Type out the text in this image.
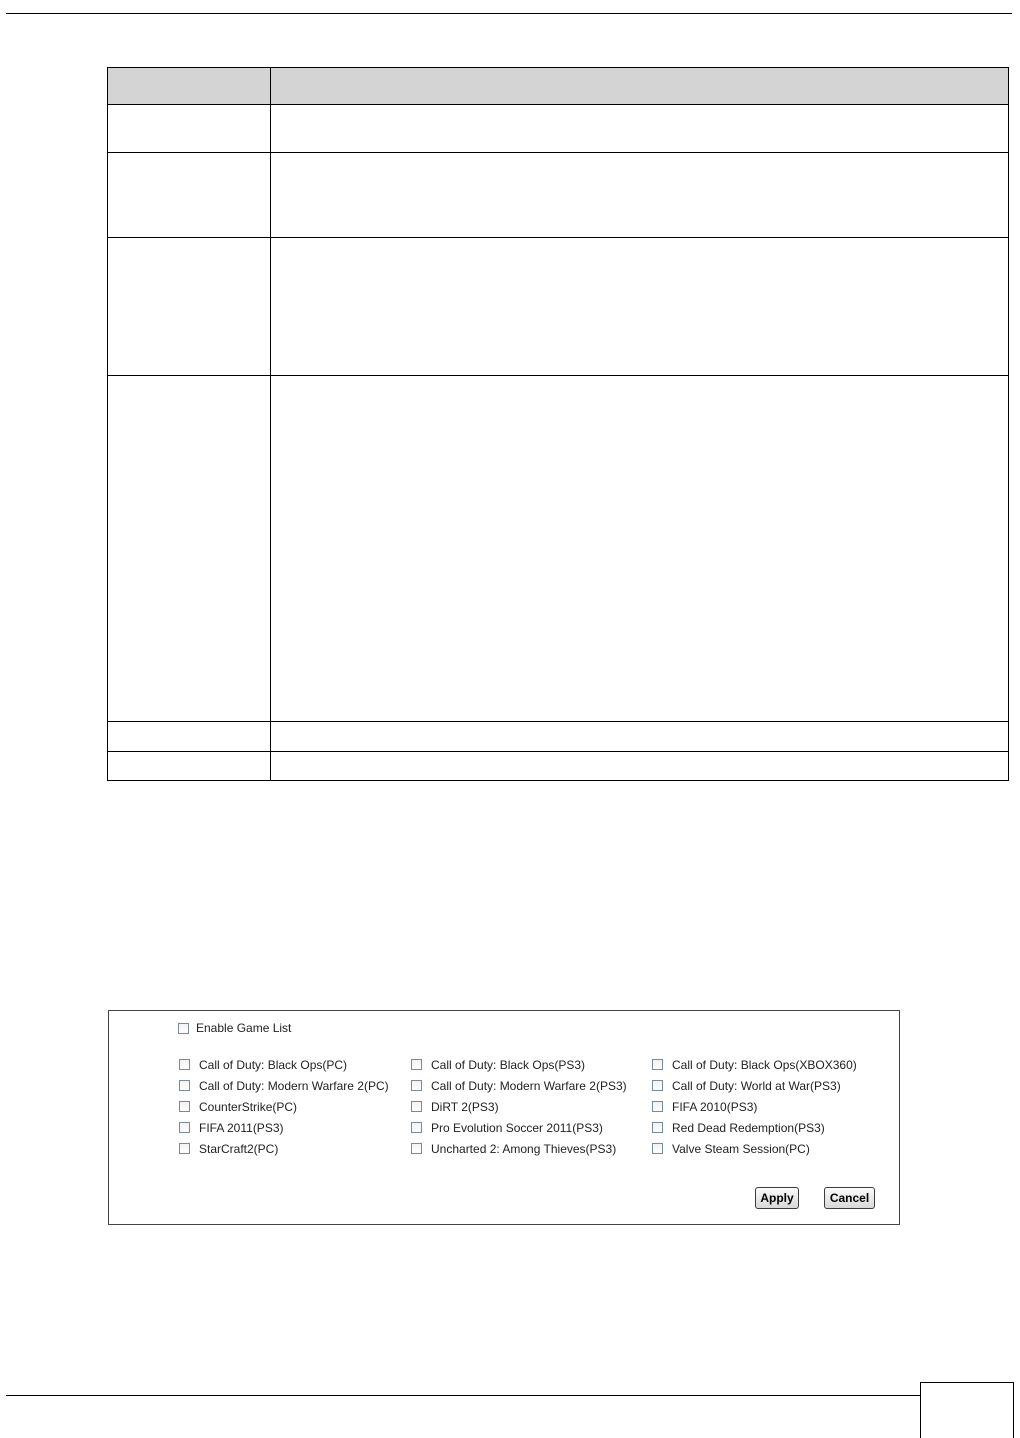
Enable Game List
Call of Duty: Black Ops(PC)
Call of Duty: Modern Warfare 2(PC)
CounterStrike(PC)
FIFA 2011(PS3)
StarCraft2(PC)
Call of Duty: Black Ops(PS3)
Call of Duty: Modern Warfare 2(PS3)
DiRT 2(PS3)
Pro Evolution Soccer 2011(PS3)
Uncharted 2: Among Thieves(PS3)
Call of Duty: Black Ops(XBOX360)
Call of Duty: World at War(PS3)
FIFA 2010(PS3)
Red Dead Redemption(PS3)
Valve Steam Session(PC)
Apply	Cancel
